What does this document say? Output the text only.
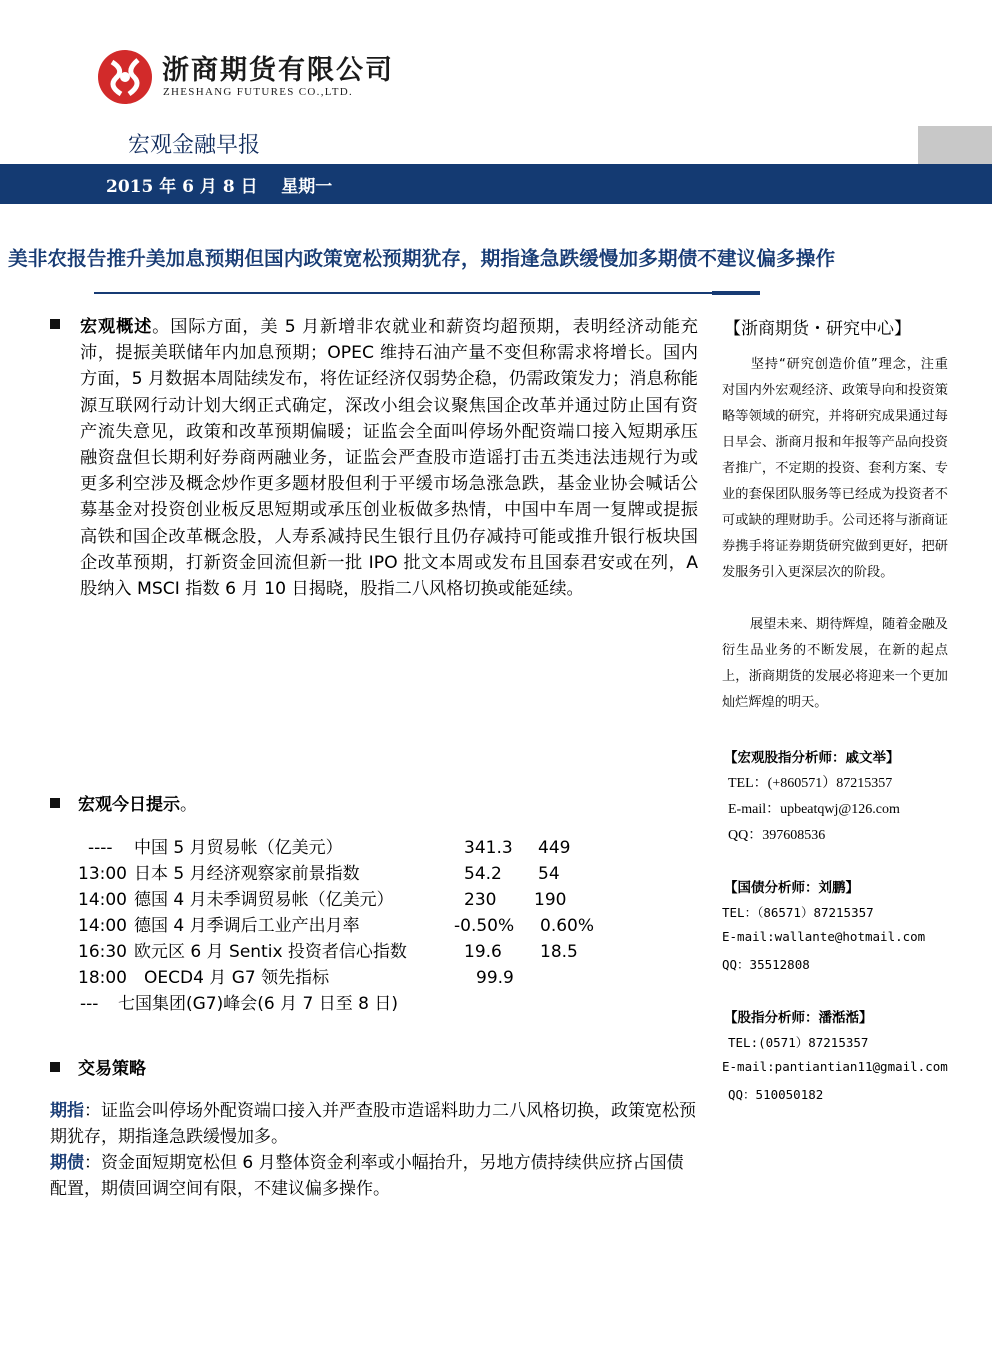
浙商期货有限公司
ZHESHANG FUTURES CO.,LTD.
宏观金融早报
2015 年 6 月 8 日 星期一
美非农报告推升美加息预期但国内政策宽松预期犹存，期指逢急跌缓慢加多期债不建议偏多操作
宏观概述。国际方面，美 5 月新增非农就业和薪资均超预期，表明经济动能充沛，提振美联储年内加息预期；OPEC 维持石油产量不变但称需求将增长。国内方面，5 月数据本周陆续发布，将佐证经济仅弱势企稳，仍需政策发力；消息称能源互联网行动计划大纲正式确定，深改小组会议聚焦国企改革并通过防止国有资产流失意见，政策和改革预期偏暖；证监会全面叫停场外配资端口接入短期承压融资盘但长期利好券商两融业务，证监会严查股市造谣打击五类违法违规行为或更多利空涉及概念炒作更多题材股但利于平缓市场急涨急跌，基金业协会喊话公募基金对投资创业板反思短期或承压创业板做多热情，中国中车周一复牌或提振高铁和国企改革概念股，人寿系减持民生银行且仍存减持可能或推升银行板块国企改革预期，打新资金回流但新一批 IPO 批文本周或发布且国泰君安或在列，A 股纳入 MSCI 指数 6 月 10 日揭晓，股指二八风格切换或能延续。
宏观今日提示。
---- 中国 5 月贸易帐（亿美元）	341.3 449
13:00 日本 5 月经济观察家前景指数	54.2 54
14:00 德国 4 月未季调贸易帐（亿美元）	230 190
14:00 德国 4 月季调后工业产出月率	-0.50% 0.60%
16:30 欧元区 6 月 Sentix 投资者信心指数	19.6 18.5
18:00 OECD4 月 G7 领先指标	99.9
--- 七国集团(G7)峰会(6 月 7 日至 8 日)
交易策略
期指：证监会叫停场外配资端口接入并严查股市造谣料助力二八风格切换，政策宽松预期犹存，期指逢急跌缓慢加多。
期债：资金面短期宽松但 6 月整体资金利率或小幅抬升，另地方债持续供应挤占国债配置，期债回调空间有限，不建议偏多操作。
【浙商期货・研究中心】
坚持“研究创造价值”理念，注重对国内外宏观经济、政策导向和投资策略等领域的研究，并将研究成果通过每日早会、浙商月报和年报等产品向投资者推广，不定期的投资、套利方案、专业的套保团队服务等已经成为投资者不可或缺的理财助手。公司还将与浙商证券携手将证券期货研究做到更好，把研发服务引入更深层次的阶段。
展望未来、期待辉煌，随着金融及衍生品业务的不断发展，在新的起点上，浙商期货的发展必将迎来一个更加灿烂辉煌的明天。
【宏观股指分析师：戚文举】
TEL：(+860571）87215357
E-mail：upbeatqwj@126.com
QQ：397608536
【国债分析师：刘鹏】
TEL：（86571）87215357
E-mail:wallante@hotmail.com
QQ：35512808
【股指分析师：潘湉湉】
TEL:(0571）87215357
E-mail:pantiantian11@gmail.com
QQ：510050182
